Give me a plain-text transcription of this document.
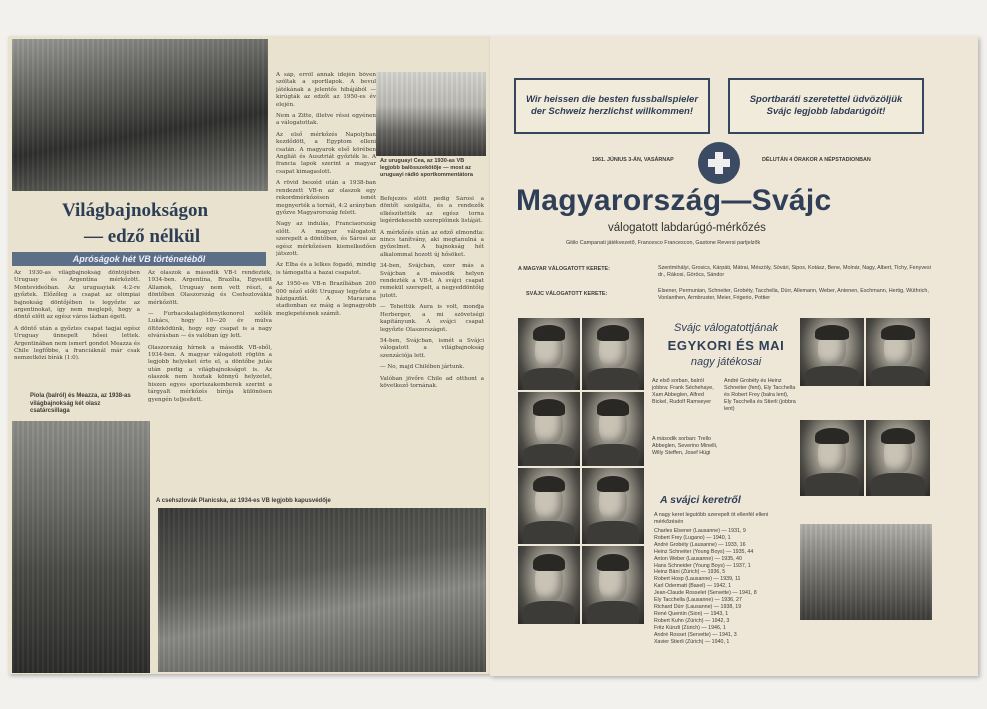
Világbajnokságon
— edző nélkül
Apróságok hét VB történetéből

Az 1930-as világbajnokság döntőjében Uruguay és Argentína mérkőzött. Montevideóban. Az uruguayiak 4:2-re győztek. Előzőleg a csapat az olimpiai bajnokság döntőjében is legyőzte az argentinokat, így nem meglepő, hogy a döntő előtt az egész város lázban égett.

A döntő után a győztes csapat tagjai egész Uruguay ünnepelt hősei lettek. Argentinában nem ismert gondot Meazza és Chile legfőbbe, a franciáknál már csak nemzetközi bírák (1:0).

Piola (balról) és Meazza, az 1938-as világbajnokság két olasz csatárcsillaga

Az olaszok a második VB-t rendezték, 1934-ben. Argentína, Brazília, Egyesült Államok, Uruguay nem vett részt, a döntőben Olaszország és Csehszlovákia mérkőzött.

— Furbacskalaglédenyikonorol szőlék Lukács, hogy 10—20 év múlva öltözködünk, hogy egy csapat is a nagy elvárásban — és valóban így lett.

Olaszország hírnek a második VB-sből, 1934-ben. A magyar válogatott rögtön a legjobb helyeket érte el, a döntőbe jutás után pedig a világbajnokságot is. Az olaszok nem hoztak könnyű helyzetet, hiszen egyes sportszakemberek szerint a tárgyalt mérkőzés bírója különösen gyengén teljesített.

A sáp, erről annak idején bőven szóltak a sportlapok. A bevul játékának a jelentős hibájából — kirúgták az edzőt az 1950-es év elején.

Nem a Zitte, illetve réssi egyénen a válogatottak.

Az első mérkőzés Napolyban kezdődött, a Egyptom elleni csatán. A magyarok első körében Angliát és Ausztriát győzték le. A francia lapok szerint a magyar csapat kimagaslott.

A rövid beszéd után a 1938-ban rendezett VB-n az olaszok egy rekordmérkőzésen ismét megnyerték a tornát, 4:2 arányban győzve Magyarország felett.

Nagy az indulás, Franciaország előtt. A magyar válogatott szerepelt a döntőben, és Sárosi az egész mérkőzésen kiemelkedően játszott.

Az Elba és a lelkes fogadó, mindig is támogatta a hazai csapatot.

Az 1950-es VB-n Brazíliában 200 000 néző előtt Uruguay legyőzte a házigazdát. A Maracana stadionban ez máig a legnagyobb meglepetésnek számít.

Az uruguayi Cea, az 1930-as VB legjobb balösszekötője — most az uruguayi rádió sportkommentátora

Befejezés előtt pedig Sárosi a döntőt szolgálta, és a rendezők elkészítették az egész torna legérdekesebb szereplőinek listáját.

A mérkőzés után az edző elmondta: nincs tanítvány, aki megtanulná a győzelmet. A bajnokság hét alkalommal hozott új hősöket.

34-ben, Svájcban, ezer más a Svájcban a második helyen rendezték a VB-t. A svájci csapat remekül szerepelt, a negyeddöntőig jutott.

— Tehettük Aura is volt, mondja Herberger, a mi szövetségi kapitányunk. A svájci csapat legyőzte Olaszországot.

54-ben, Svájcban, ismét a Svájci válogatott a világbajnokság szenzációja lett.

— No, majd Chilében jártunk.

Valóban jövőre Chile ad otthont a következő tornának.

A csehszlovák Planicska, az 1934-es VB legjobb kapusvédője
Wir heissen die besten fussballspieler der Schweiz herzlichst willkommen!
Sportbaráti szeretettel üdvözöljük Svájc legjobb labdarúgóit!
1961. JÚNIUS 3-ÁN, VASÁRNAP	DÉLUTÁN 4 ÓRAKOR A NÉPSTADIONBAN
Magyarország—Svájc
válogatott labdarúgó-mérkőzés
Gitilo Campanati játékvezető, Francesco Francescon, Gastone Reversi partjelzők
A MAGYAR VÁLOGATOTT KERETE:	Szentmihályi, Grosics, Kárpáti, Mátrai, Mészöly, Sóvári, Sipos, Kotász, Bene, Molnár, Nagy, Albert, Tichy, Fenyvesi dr., Rákosi, Göröcs, Sándor
SVÁJC VÁLOGATOTT KERETE:	Elsener, Permunian, Schneiter, Grobéty, Tacchella, Dürr, Allemann, Weber, Antenen, Eschmann, Hertig, Wüthrich, Vonlanthen, Armbruster, Meier, Frigerio, Pottier
Svájc válogatottjának
EGYKORI ÉS MAI
nagy játékosai
Az első sorban, balról jobbra: Frank Séchehaye, Xam Abbeglen, Alfred Bickel, Rudolf Ramseyer
André Grobéty és Heinz Schneiter (fent), Ely Tacchella és Robert Frey (balra lent), Ely Tacchella és Stierli (jobbra lent)
A második sorban: Trello Abbeglen, Severino Minelli, Willy Steffen, Josef Hügi
A svájci keretről
A nagy keret legutóbb szerepelt öt ellenfél elleni mérkőzésén
Charles Elsener (Lausanne) — 1931, 9
Robert Frey (Lugano) — 1940, 1
André Grobéty (Lausanne) — 1933, 16
Heinz Schneiter (Young Boys) — 1935, 44
Anton Weber (Lausanne) — 1935, 40
Hans Schneider (Young Boys) — 1937, 1
Heinz Bäni (Zürich) — 1936, 5
Robert Hosp (Lausanne) — 1939, 11
Karl Odermatt (Basel) — 1942, 1
Jean-Claude Rosselet (Servette) — 1941, 8
Ely Tacchella (Lausanne) — 1936, 27
Richard Dürr (Lausanne) — 1938, 19
René Quentin (Sion) — 1943, 1
Robert Kuhn (Zürich) — 1942, 3
Fritz Künzli (Zürich) — 1946, 1
André Rosset (Servette) — 1941, 3
Xavier Stierli (Zürich) — 1940, 1
